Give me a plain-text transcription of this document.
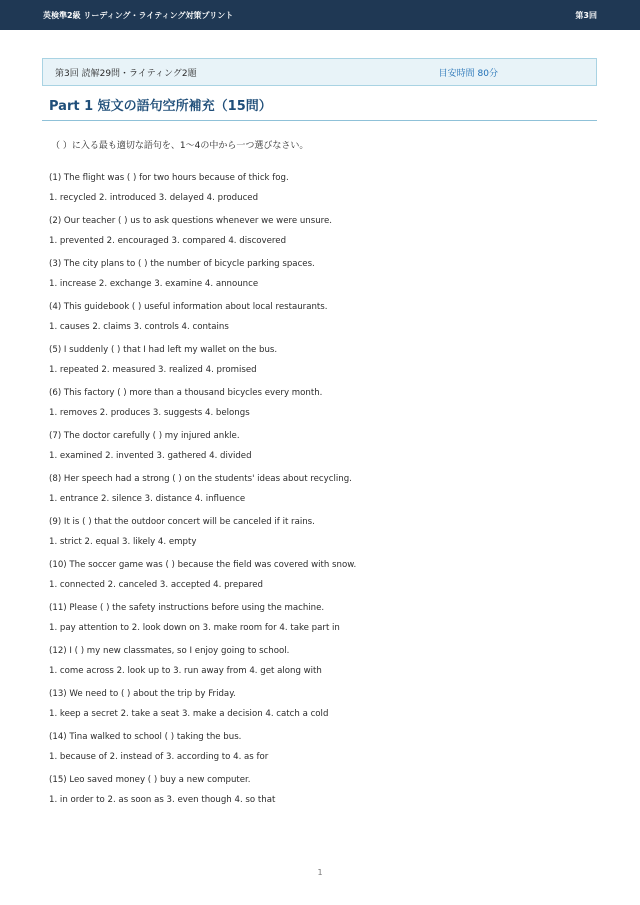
英検準2級 リーディング・ライティング対策プリント	第3回
第3回 読解29問・ライティング2題	目安時間 80分
Part 1 短文の語句空所補充（15問）
（ ）に入る最も適切な語句を、1〜4の中から一つ選びなさい。
(1) The flight was ( ) for two hours because of thick fog.
1. recycled 2. introduced 3. delayed 4. produced
(2) Our teacher ( ) us to ask questions whenever we were unsure.
1. prevented 2. encouraged 3. compared 4. discovered
(3) The city plans to ( ) the number of bicycle parking spaces.
1. increase 2. exchange 3. examine 4. announce
(4) This guidebook ( ) useful information about local restaurants.
1. causes 2. claims 3. controls 4. contains
(5) I suddenly ( ) that I had left my wallet on the bus.
1. repeated 2. measured 3. realized 4. promised
(6) This factory ( ) more than a thousand bicycles every month.
1. removes 2. produces 3. suggests 4. belongs
(7) The doctor carefully ( ) my injured ankle.
1. examined 2. invented 3. gathered 4. divided
(8) Her speech had a strong ( ) on the students' ideas about recycling.
1. entrance 2. silence 3. distance 4. influence
(9) It is ( ) that the outdoor concert will be canceled if it rains.
1. strict 2. equal 3. likely 4. empty
(10) The soccer game was ( ) because the field was covered with snow.
1. connected 2. canceled 3. accepted 4. prepared
(11) Please ( ) the safety instructions before using the machine.
1. pay attention to 2. look down on 3. make room for 4. take part in
(12) I ( ) my new classmates, so I enjoy going to school.
1. come across 2. look up to 3. run away from 4. get along with
(13) We need to ( ) about the trip by Friday.
1. keep a secret 2. take a seat 3. make a decision 4. catch a cold
(14) Tina walked to school ( ) taking the bus.
1. because of 2. instead of 3. according to 4. as for
(15) Leo saved money ( ) buy a new computer.
1. in order to 2. as soon as 3. even though 4. so that
1
